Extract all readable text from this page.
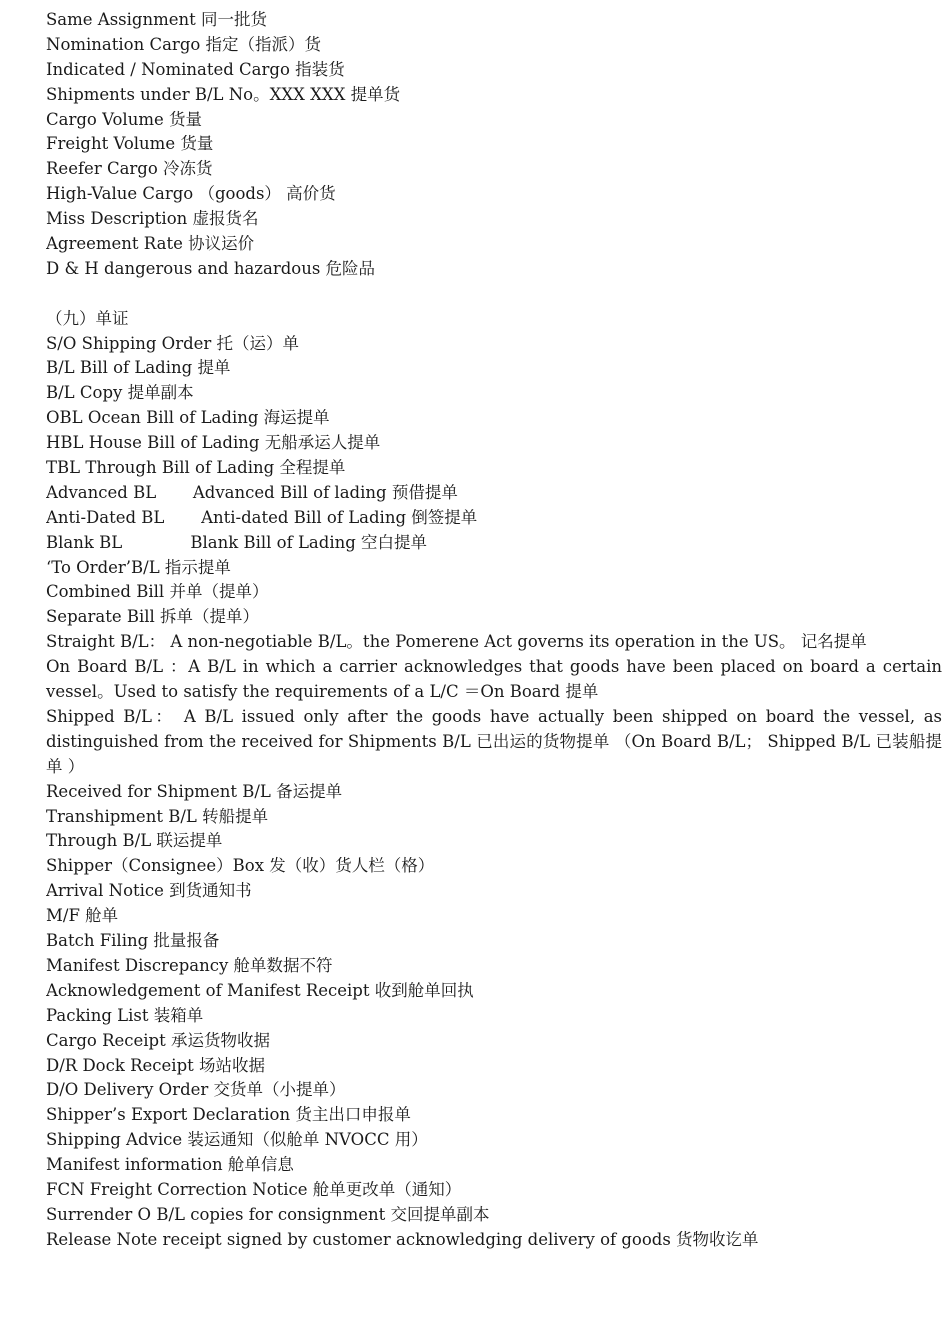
Same Assignment 同一批货
Nomination Cargo 指定（指派）货
Indicated / Nominated Cargo 指装货
Shipments under B/L No。XXX XXX 提单货
Cargo Volume 货量
Freight Volume 货量
Reefer Cargo 冷冻货
High-Value Cargo （goods） 高价货
Miss Description 虚报货名
Agreement Rate 协议运价
D & H dangerous and hazardous 危险品
（九）单证
S/O Shipping Order 托（运）单
B/L Bill of Lading 提单
B/L Copy 提单副本
OBL Ocean Bill of Lading 海运提单
HBL House Bill of Lading 无船承运人提单
TBL Through Bill of Lading 全程提单
Advanced BL       Advanced Bill of lading 预借提单
Anti-Dated BL       Anti-dated Bill of Lading 倒签提单
Blank BL             Blank Bill of Lading 空白提单
‘To Order’B/L 指示提单
Combined Bill 并单（提单）
Separate Bill 拆单（提单）
Straight B/L： A non-negotiable B/L。the Pomerene Act governs its operation in the US。 记名提单
On Board B/L ：A B/L in which a carrier acknowledges that goods have been placed on board a certain vessel。Used to satisfy the requirements of a L/C ＝On Board 提单
Shipped B/L： A B/L issued only after the goods have actually been shipped on board the vessel, as distinguished from the received for Shipments B/L 已出运的货物提单 （On Board B/L； Shipped B/L 已装船提单 ）
Received for Shipment B/L 备运提单
Transhipment B/L 转船提单
Through B/L 联运提单
Shipper（Consignee）Box 发（收）货人栏（格）
Arrival Notice 到货通知书
M/F 舱单
Batch Filing 批量报备
Manifest Discrepancy 舱单数据不符
Acknowledgement of Manifest Receipt 收到舱单回执
Packing List 装箱单
Cargo Receipt 承运货物收据
D/R Dock Receipt 场站收据
D/O Delivery Order 交货单（小提单）
Shipper’s Export Declaration 货主出口申报单
Shipping Advice 装运通知（似舱单 NVOCC 用）
Manifest information 舱单信息
FCN Freight Correction Notice 舱单更改单（通知）
Surrender O B/L copies for consignment 交回提单副本
Release Note receipt signed by customer acknowledging delivery of goods 货物收讫单
